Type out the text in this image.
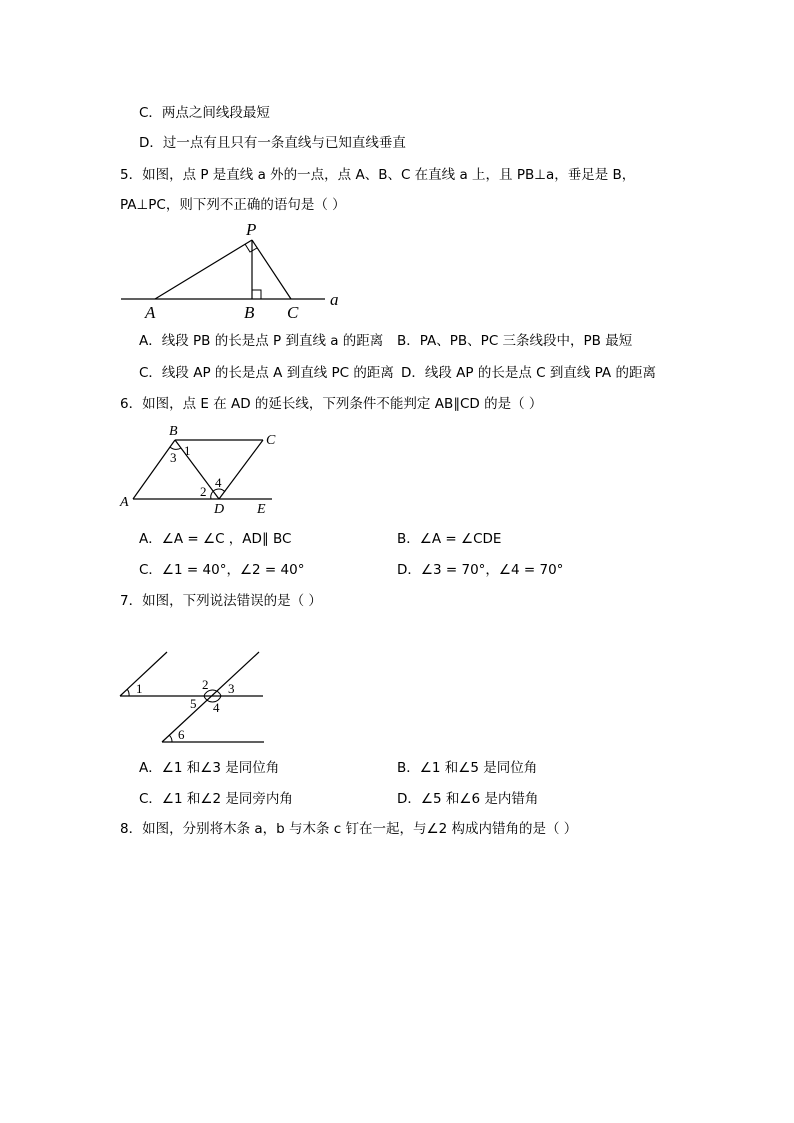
C．两点之间线段最短
D．过一点有且只有一条直线与已知直线垂直
5．如图，点 P 是直线 a 外的一点，点 A、B、C 在直线 a 上，且 PB⊥a，垂足是 B，
PA⊥PC，则下列不正确的语句是（ ）
P
A	B C
a
A．线段 PB 的长是点 P 到直线 a 的距离 B．PA、PB、PC 三条线段中，PB 最短
C．线段 AP 的长是点 A 到直线 PC 的距离 D．线段 AP 的长是点 C 到直线 PA 的距离
6．如图，点 E 在 AD 的延长线，下列条件不能判定 AB∥CD 的是（ ）
B
C
A	D E
3 1
2
4
A．∠A = ∠C ，AD∥ BC	B．∠A = ∠CDE
C．∠1 = 40°，∠2 = 40°	D．∠3 = 70°，∠4 = 70°
7．如图，下列说法错误的是（ ）
1	2 3
5 4
6
A．∠1 和∠3 是同位角	B．∠1 和∠5 是同位角
C．∠1 和∠2 是同旁内角	D．∠5 和∠6 是内错角
8．如图，分别将木条 a，b 与木条 c 钉在一起，与∠2 构成内错角的是（ ）
